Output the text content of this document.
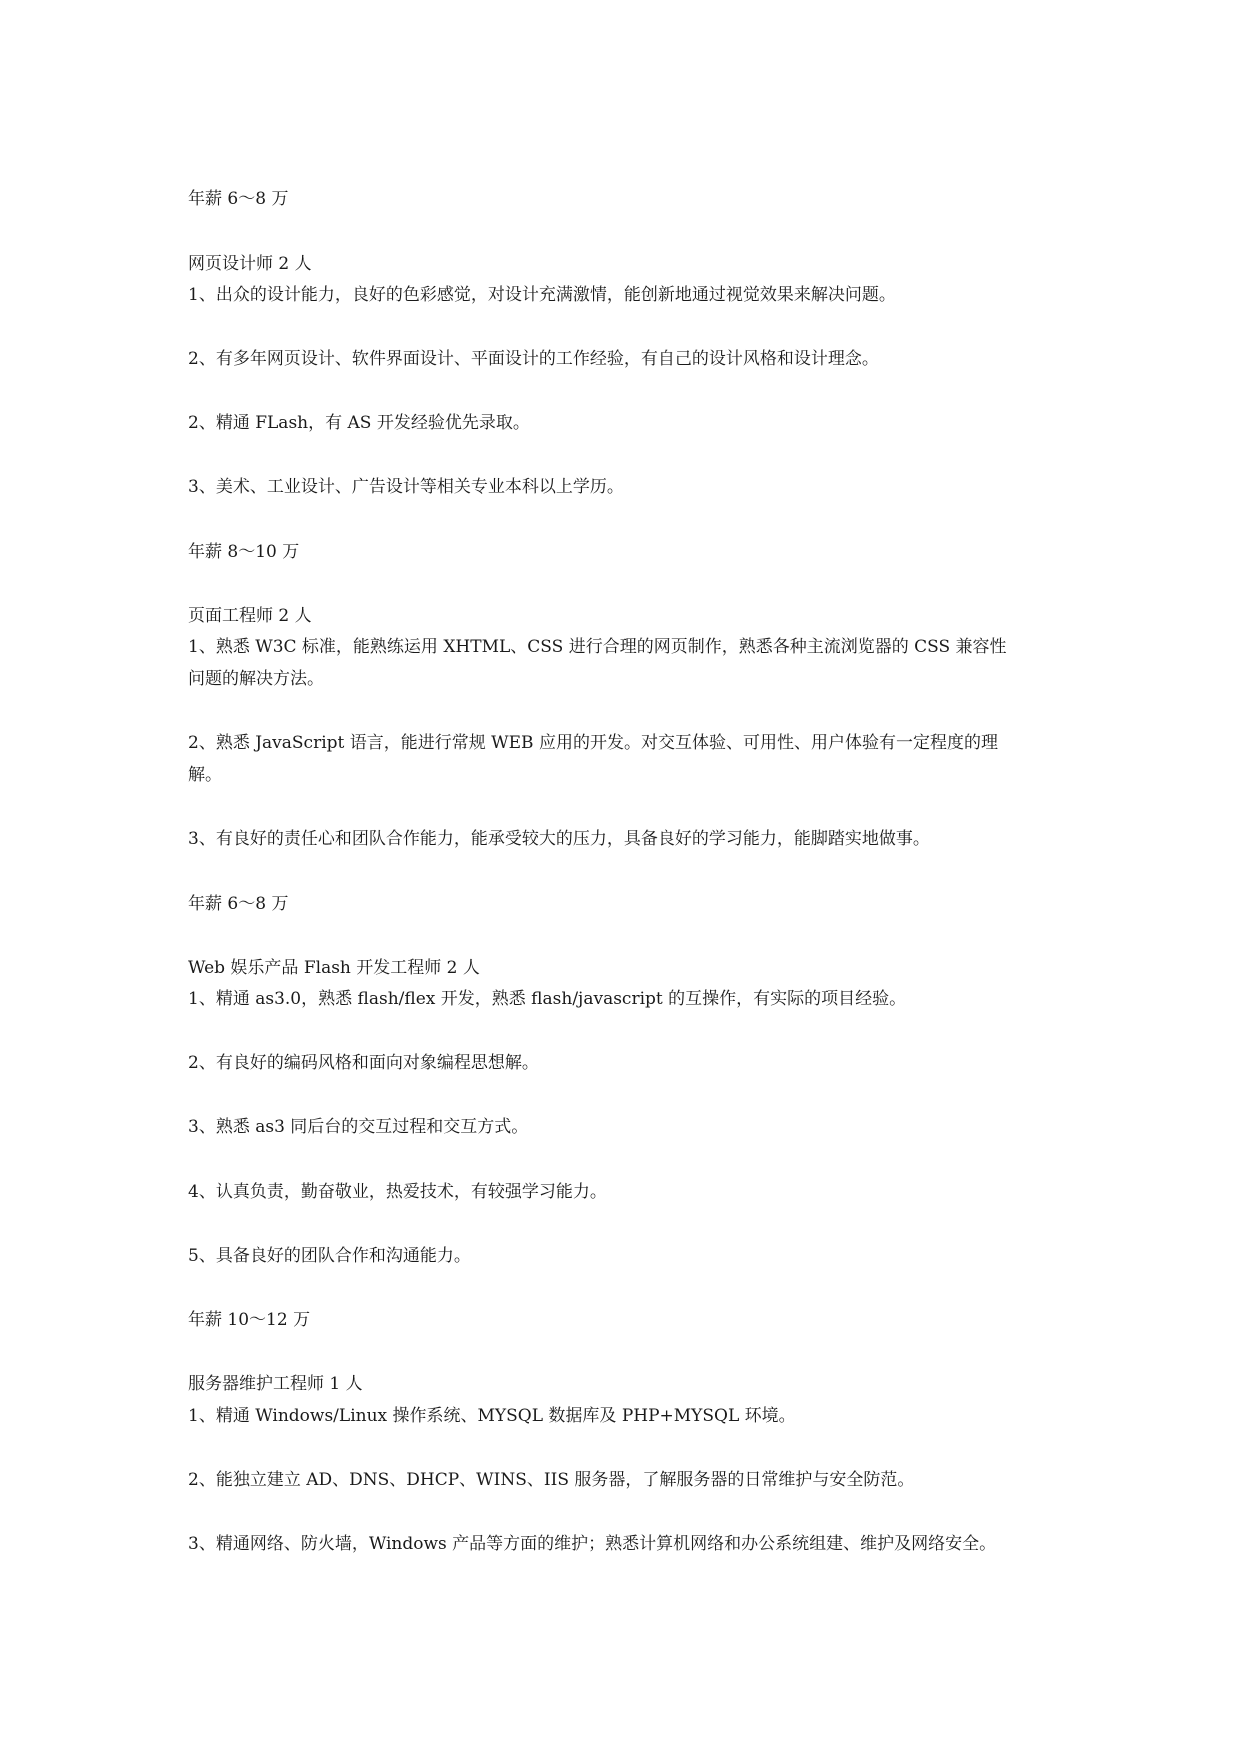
年薪 6～8 万
网页设计师 2 人
1、出众的设计能力，良好的色彩感觉，对设计充满激情，能创新地通过视觉效果来解决问题。
2、有多年网页设计、软件界面设计、平面设计的工作经验，有自己的设计风格和设计理念。
2、精通 FLash，有 AS 开发经验优先录取。
3、美术、工业设计、广告设计等相关专业本科以上学历。
年薪 8～10 万
页面工程师 2 人
1、熟悉 W3C 标准，能熟练运用 XHTML、CSS 进行合理的网页制作，熟悉各种主流浏览器的 CSS 兼容性
问题的解决方法。
2、熟悉 JavaScript 语言，能进行常规 WEB 应用的开发。对交互体验、可用性、用户体验有一定程度的理
解。
3、有良好的责任心和团队合作能力，能承受较大的压力，具备良好的学习能力，能脚踏实地做事。
年薪 6～8 万
Web 娱乐产品 Flash 开发工程师 2 人
1、精通 as3.0，熟悉 flash/flex 开发，熟悉 flash/javascript 的互操作，有实际的项目经验。
2、有良好的编码风格和面向对象编程思想解。
3、熟悉 as3 同后台的交互过程和交互方式。
4、认真负责，勤奋敬业，热爱技术，有较强学习能力。
5、具备良好的团队合作和沟通能力。
年薪 10～12 万
服务器维护工程师 1 人
1、精通 Windows/Linux 操作系统、MYSQL 数据库及 PHP+MYSQL 环境。
2、能独立建立 AD、DNS、DHCP、WINS、IIS 服务器，了解服务器的日常维护与安全防范。
3、精通网络、防火墙，Windows 产品等方面的维护；熟悉计算机网络和办公系统组建、维护及网络安全。
